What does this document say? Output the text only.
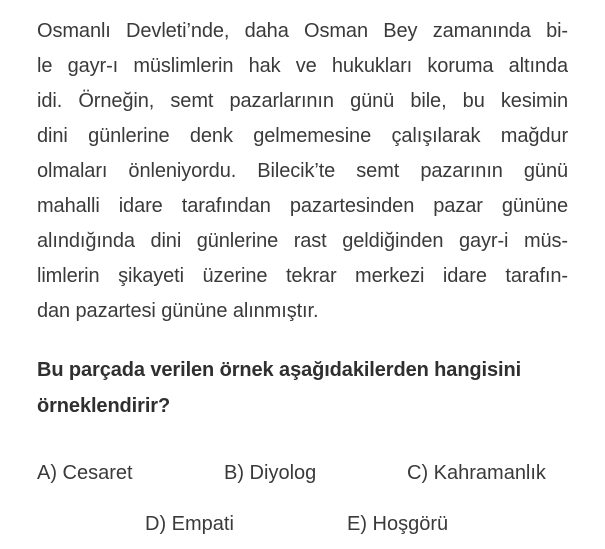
Osmanlı Devleti’nde, daha Osman Bey zamanında bi-
le gayr-ı müslimlerin hak ve hukukları koruma altında
idi. Örneğin, semt pazarlarının günü bile, bu kesimin
dini günlerine denk gelmemesine çalışılarak mağdur
olmaları önleniyordu. Bilecik’te semt pazarının günü
mahalli idare tarafından pazartesinden pazar gününe
alındığında dini günlerine rast geldiğinden gayr-i müs-
limlerin şikayeti üzerine tekrar merkezi idare tarafın-
dan pazartesi gününe alınmıştır.
Bu parçada verilen örnek aşağıdakilerden hangisini
örneklendirir?
A) Cesaret	B) Diyolog	C) Kahramanlık
D) Empati	E) Hoşgörü
